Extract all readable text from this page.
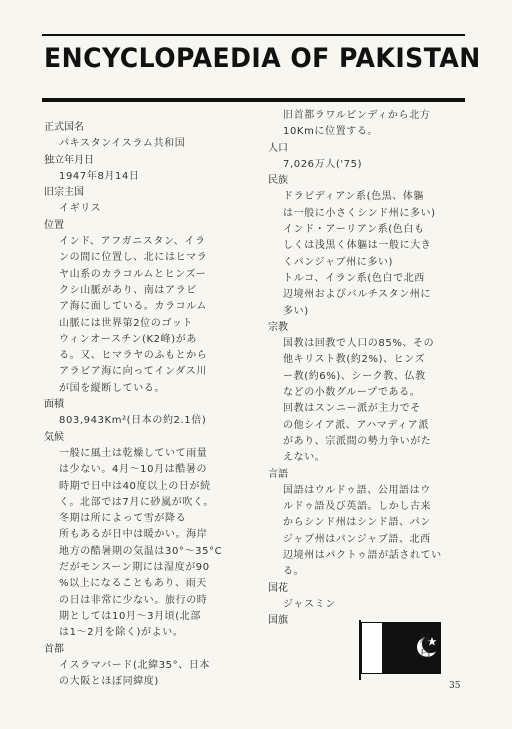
ENCYCLOPAEDIA OF PAKISTAN
正式国名
パキスタンイスラム共和国
独立年月日
1947年8月14日
旧宗主国
イギリス
位置
インド、アフガニスタン、イラ
ンの間に位置し、北にはヒマラ
ヤ山系のカラコルムとヒンズー
クシ山脈があり、南はアラビ
ア海に面している。カラコルム
山脈には世界第2位のゴット
ウィンオースチン(K2峰)があ
る。又、ヒマラヤのふもとから
アラビア海に向ってインダス川
が国を縦断している。
面積
803,943Km²(日本の約2.1倍)
気候
一般に風土は乾燥していて雨量
は少ない。4月〜10月は酷暑の
時期で日中は40度以上の日が続
く。北部では7月に砂嵐が吹く。
冬期は所によって雪が降る
所もあるが日中は暖かい。海岸
地方の酷暑期の気温は30°〜35°C
だがモンスーン期には湿度が90
%以上になることもあり、雨天
の日は非常に少ない。旅行の時
期としては10月〜3月頃(北部
は1〜2月を除く)がよい。
首都
イスラマバード(北緯35°、日本
の大阪とほぼ同緯度)
旧首都ラワルピンディから北方
10Kmに位置する。
人口
7,026万人('75)
民族
ドラビディアン系(色黒、体軀
は一般に小さくシンド州に多い)
インド・アーリアン系(色白も
しくは浅黒く体軀は一般に大き
くパンジャブ州に多い)
トルコ、イラン系(色白で北西
辺境州およびバルチスタン州に
多い)
宗教
国教は回教で人口の85%、その
他キリスト教(約2%)、ヒンズ
ー教(約6%)、シーク教、仏教
などの小数グループである。
回教はスンニー派が主力でそ
の他シイア派、アハマディア派
があり、宗派間の勢力争いがた
えない。
言語
国語はウルドゥ語、公用語はウ
ルドゥ語及び英語。しかし古来
からシンド州はシンド語、パン
ジャブ州はパンジャブ語、北西
辺境州はパクトゥ語が話されてい
る。
国花
ジャスミン
国旗
緑白
35
